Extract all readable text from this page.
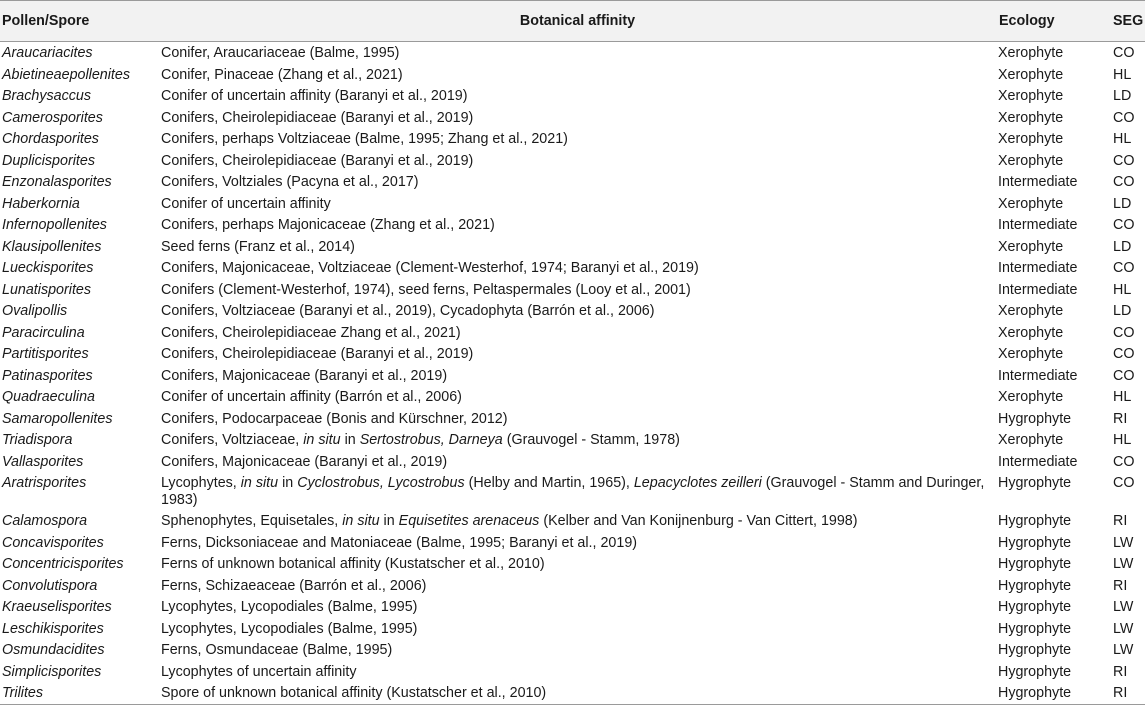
Pollen/Spore	Botanical affinity	Ecology	SEG
Araucariacites	Conifer, Araucariaceae (Balme, 1995)	Xerophyte	CO
Abietineaepollenites	Conifer, Pinaceae (Zhang et al., 2021)	Xerophyte	HL
Brachysaccus	Conifer of uncertain affinity (Baranyi et al., 2019)	Xerophyte	LD
Camerosporites	Conifers, Cheirolepidiaceae (Baranyi et al., 2019)	Xerophyte	CO
Chordasporites	Conifers, perhaps Voltziaceae (Balme, 1995; Zhang et al., 2021)	Xerophyte	HL
Duplicisporites	Conifers, Cheirolepidiaceae (Baranyi et al., 2019)	Xerophyte	CO
Enzonalasporites	Conifers, Voltziales (Pacyna et al., 2017)	Intermediate	CO
Haberkornia	Conifer of uncertain affinity	Xerophyte	LD
Infernopollenites	Conifers, perhaps Majonicaceae (Zhang et al., 2021)	Intermediate	CO
Klausipollenites	Seed ferns (Franz et al., 2014)	Xerophyte	LD
Lueckisporites	Conifers, Majonicaceae, Voltziaceae (Clement-Westerhof, 1974; Baranyi et al., 2019)	Intermediate	CO
Lunatisporites	Conifers (Clement-Westerhof, 1974), seed ferns, Peltaspermales (Looy et al., 2001)	Intermediate	HL
Ovalipollis	Conifers, Voltziaceae (Baranyi et al., 2019), Cycadophyta (Barrón et al., 2006)	Xerophyte	LD
Paracirculina	Conifers, Cheirolepidiaceae Zhang et al., 2021)	Xerophyte	CO
Partitisporites	Conifers, Cheirolepidiaceae (Baranyi et al., 2019)	Xerophyte	CO
Patinasporites	Conifers, Majonicaceae (Baranyi et al., 2019)	Intermediate	CO
Quadraeculina	Conifer of uncertain affinity (Barrón et al., 2006)	Xerophyte	HL
Samaropollenites	Conifers, Podocarpaceae (Bonis and Kürschner, 2012)	Hygrophyte	RI
Triadispora	Conifers, Voltziaceae, in situ in Sertostrobus, Darneya (Grauvogel - Stamm, 1978)	Xerophyte	HL
Vallasporites	Conifers, Majonicaceae (Baranyi et al., 2019)	Intermediate	CO
Aratrisporites	Lycophytes, in situ in Cyclostrobus, Lycostrobus (Helby and Martin, 1965), Lepacyclotes zeilleri (Grauvogel - Stamm and Duringer, 1983)	Hygrophyte	CO
Calamospora	Sphenophytes, Equisetales, in situ in Equisetites arenaceus (Kelber and Van Konijnenburg - Van Cittert, 1998)	Hygrophyte	RI
Concavisporites	Ferns, Dicksoniaceae and Matoniaceae (Balme, 1995; Baranyi et al., 2019)	Hygrophyte	LW
Concentricisporites	Ferns of unknown botanical affinity (Kustatscher et al., 2010)	Hygrophyte	LW
Convolutispora	Ferns, Schizaeaceae (Barrón et al., 2006)	Hygrophyte	RI
Kraeuselisporites	Lycophytes, Lycopodiales (Balme, 1995)	Hygrophyte	LW
Leschikisporites	Lycophytes, Lycopodiales (Balme, 1995)	Hygrophyte	LW
Osmundacidites	Ferns, Osmundaceae (Balme, 1995)	Hygrophyte	LW
Simplicisporites	Lycophytes of uncertain affinity	Hygrophyte	RI
Trilites	Spore of unknown botanical affinity (Kustatscher et al., 2010)	Hygrophyte	RI
